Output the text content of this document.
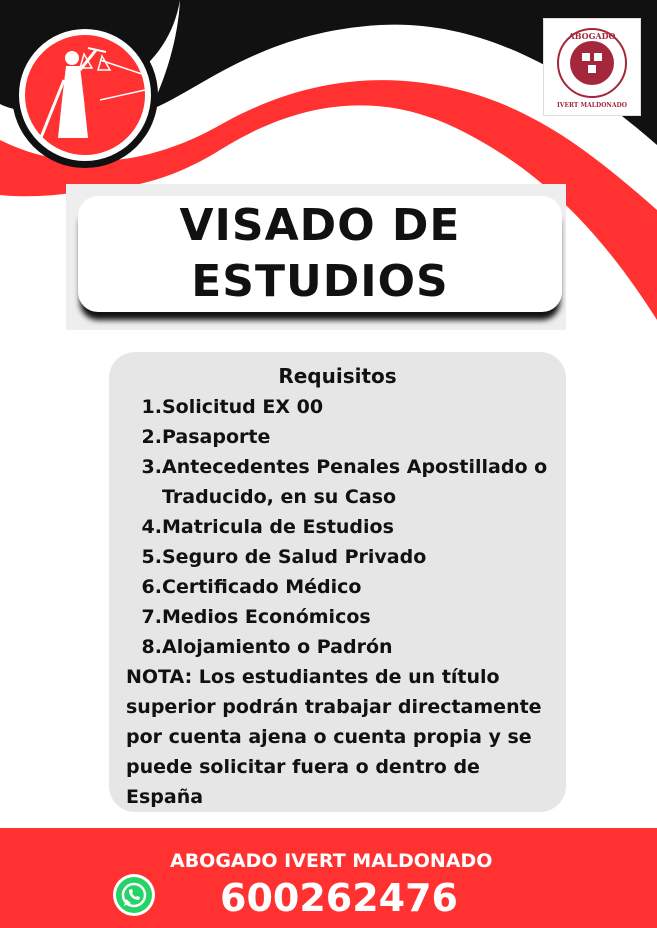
ABOGADO
IVERT MALDONADO
VISADO DE
ESTUDIOS
Requisitos
1. Solicitud EX 00
2. Pasaporte
3. Antecedentes Penales Apostillado o Traducido, en su Caso
4. Matricula de Estudios
5. Seguro de Salud Privado
6. Certificado Médico
7. Medios Económicos
8. Alojamiento o Padrón
NOTA: Los estudiantes de un título superior podrán trabajar directamente por cuenta ajena o cuenta propia y se puede solicitar fuera o dentro de España
ABOGADO IVERT MALDONADO
600262476
